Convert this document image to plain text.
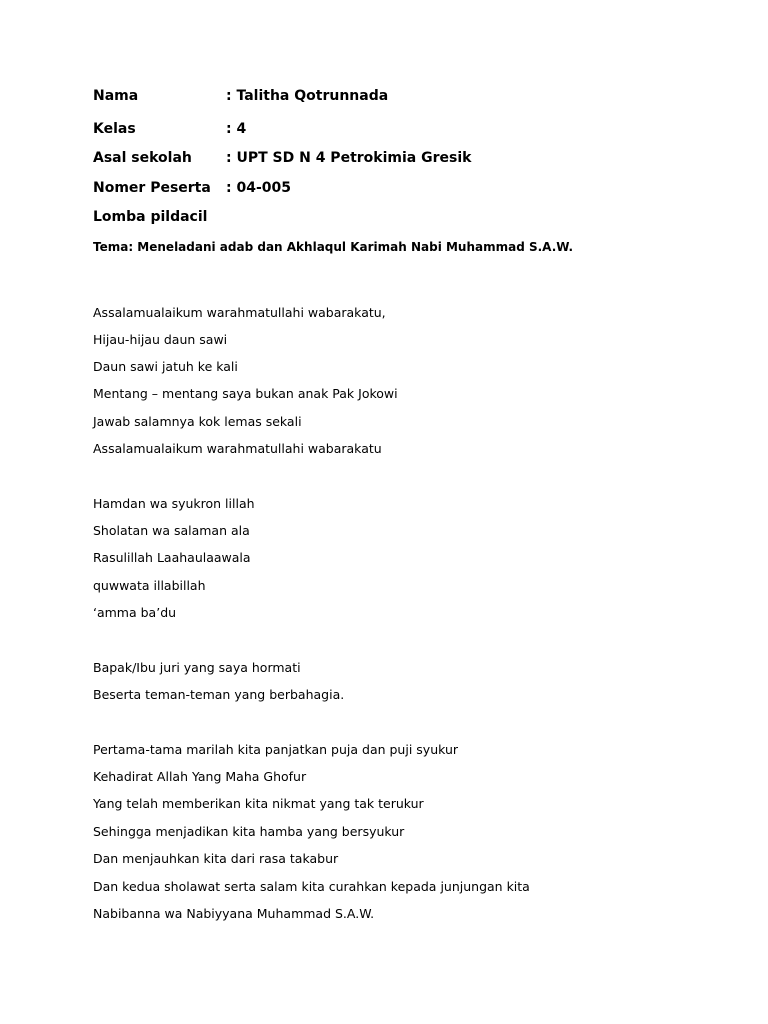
Nama	: Talitha Qotrunnada
Kelas	: 4
Asal sekolah	: UPT SD N 4 Petrokimia Gresik
Nomer Peserta	: 04-005
Lomba pildacil
Tema: Meneladani adab dan Akhlaqul Karimah Nabi Muhammad S.A.W.
Assalamualaikum warahmatullahi wabarakatu,
Hijau-hijau daun sawi
Daun sawi jatuh ke kali
Mentang – mentang saya bukan anak Pak Jokowi
Jawab salamnya kok lemas sekali
Assalamualaikum warahmatullahi wabarakatu
Hamdan wa syukron lillah
Sholatan wa salaman ala
Rasulillah Laahaulaawala
quwwata illabillah
‘amma ba’du
Bapak/Ibu juri yang saya hormati
Beserta teman-teman yang berbahagia.
Pertama-tama marilah kita panjatkan puja dan puji syukur
Kehadirat Allah Yang Maha Ghofur
Yang telah memberikan kita nikmat yang tak terukur
Sehingga menjadikan kita hamba yang bersyukur
Dan menjauhkan kita dari rasa takabur
Dan kedua sholawat serta salam kita curahkan kepada junjungan kita
Nabibanna wa Nabiyyana Muhammad S.A.W.
